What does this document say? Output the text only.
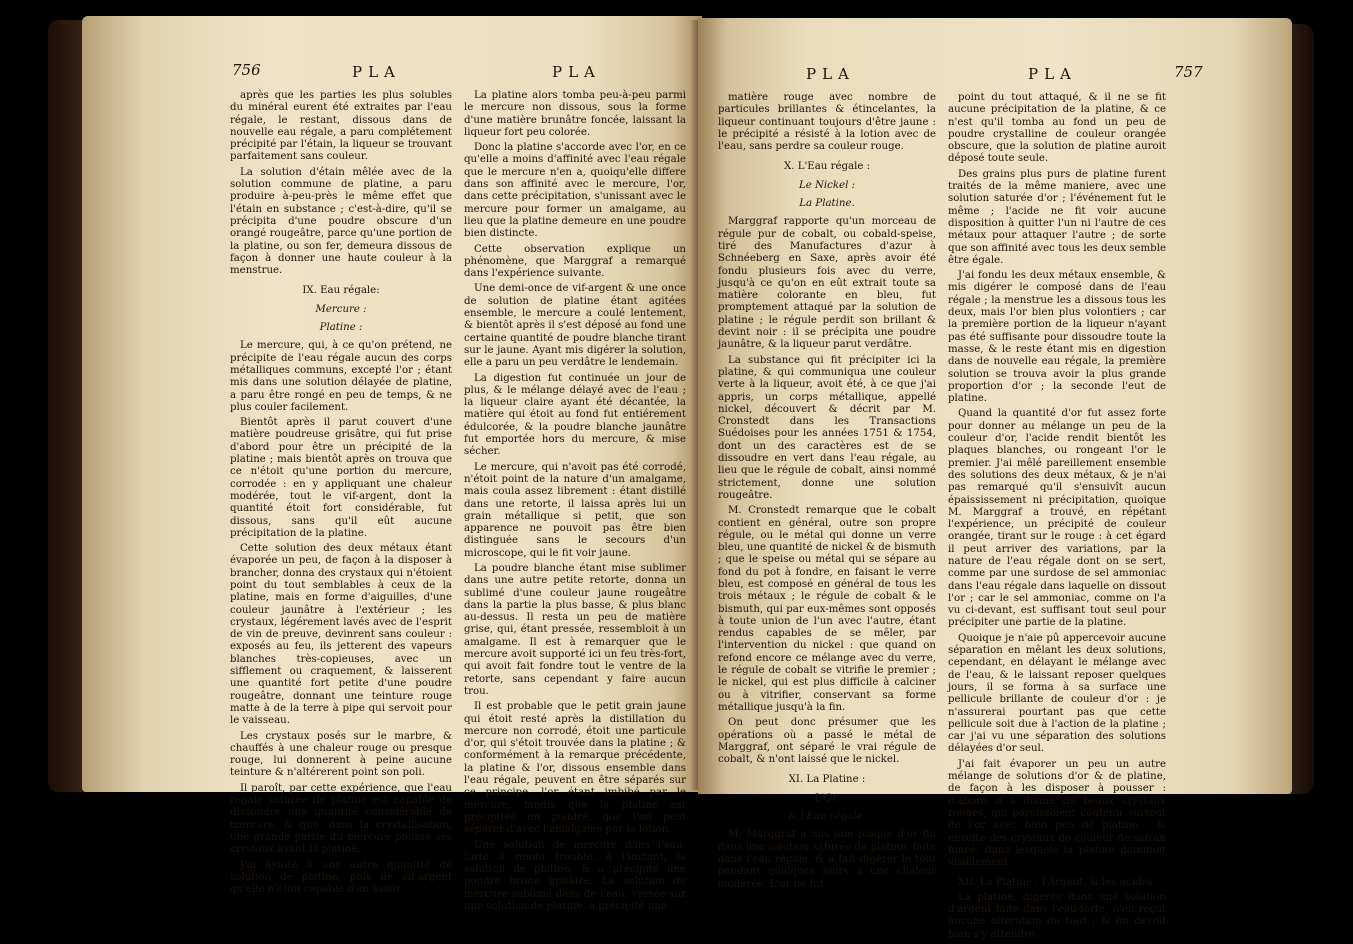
756	PLA	PLA

après que les parties les plus solubles du minéral eurent été extraites par l'eau régale, le restant, dissous dans de nouvelle eau régale, a paru complétement précipité par l'étain, la liqueur se trouvant parfaitement sans couleur.

La solution d'étain mêlée avec de la solution commune de platine, a paru produire à-peu-près le même effet que l'étain en substance ; c'est-à-dire, qu'il se précipita d'une poudre obscure d'un orangé rougeâtre, parce qu'une portion de la platine, ou son fer, demeura dissous de façon à donner une haute couleur à la menstrue.

IX. Eau régale:

Mercure :

Platine :

Le mercure, qui, à ce qu'on prétend, ne précipite de l'eau régale aucun des corps métalliques communs, excepté l'or ; étant mis dans une solution délayée de platine, a paru être rongé en peu de temps, & ne plus couler facilement.

Bientôt après il parut couvert d'une matière poudreuse grisâtre, qui fut prise d'abord pour être un précipité de la platine ; mais bientôt après on trouva que ce n'étoit qu'une portion du mercure, corrodée : en y appliquant une chaleur modérée, tout le vif-argent, dont la quantité étoit fort considérable, fut dissous, sans qu'il eût aucune précipitation de la platine.

Cette solution des deux métaux étant évaporée un peu, de façon à la disposer à brancher, donna des crystaux qui n'étoient point du tout semblables à ceux de la platine, mais en forme d'aiguilles, d'une couleur jaunâtre à l'extérieur ; les crystaux, légérement lavés avec de l'esprit de vin de preuve, devinrent sans couleur : exposés au feu, ils jetterent des vapeurs blanches très-copieuses, avec un sifflement ou craquement, & laisserent une quantité fort petite d'une poudre rougeâtre, donnant une teinture rouge matte à de la terre à pipe qui servoit pour le vaisseau.

Les crystaux posés sur le marbre, & chauffés à une chaleur rouge ou presque rouge, lui donnerent à peine aucune teinture & n'altérerent point son poli.

Il paroît, par cette expérience, que l'eau régale saturée de platine est capable de dissoudre une quantité considérable de mercure, & que, dans la crystallisation, une grande partie du mercure pousse ses crystaux avant la platine.

J'ai ajouté à une autre quantité de solution de platine, plus de vif-argent qu'elle n'étoit capable d'en saisir.

La platine alors tomba peu-à-peu parmi le mercure non dissous, sous la forme d'une matière brunâtre foncée, laissant la liqueur fort peu colorée.

Donc la platine s'accorde avec l'or, en ce qu'elle a moins d'affinité avec l'eau régale que le mercure n'en a, quoiqu'elle differe dans son affinité avec le mercure, l'or, dans cette précipitation, s'unissant avec le mercure pour former un amalgame, au lieu que la platine demeure en une poudre bien distincte.

Cette observation explique un phénomène, que Marggraf a remarqué dans l'expérience suivante.

Une demi-once de vif-argent & une once de solution de platine étant agitées ensemble, le mercure a coulé lentement, & bientôt après il s'est déposé au fond une certaine quantité de poudre blanche tirant sur le jaune. Ayant mis digérer la solution, elle a paru un peu verdâtre le lendemain.

La digestion fut continuée un jour de plus, & le mélange délayé avec de l'eau ; la liqueur claire ayant été décantée, la matière qui étoit au fond fut entiérement édulcorée, & la poudre blanche jaunâtre fut emportée hors du mercure, & mise sécher.

Le mercure, qui n'avoit pas été corrodé, n'étoit point de la nature d'un amalgame, mais coula assez librement : étant distillé dans une retorte, il laissa après lui un grain métallique si petit, que son apparence ne pouvoit pas être bien distinguée sans le secours d'un microscope, qui le fit voir jaune.

La poudre blanche étant mise sublimer dans une autre petite retorte, donna un sublimé d'une couleur jaune rougeâtre dans la partie la plus basse, & plus blanc au-dessus. Il resta un peu de matière grise, qui, étant pressée, ressembloit à un amalgame. Il est à remarquer que le mercure avoit supporté ici un feu très-fort, qui avoit fait fondre tout le ventre de la retorte, sans cependant y faire aucun trou.

Il est probable que le petit grain jaune qui étoit resté après la distillation du mercure non corrodé, étoit une particule d'or, qui s'étoit trouvée dans la platine ; & conformément à la remarque précédente, la platine & l'or, dissous ensemble dans l'eau régale, peuvent en être séparés sur ce principe, l'or étant imbibé par le mercure, tandis que la platine est précipitée en poudre, que l'on peut séparer d'avec l'amalgame par la lotion.

Une solution de mercure dans l'eau-forte a rendu trouble, à l'instant, la solution de platine, & a précipité une poudre brune grisâtre. La solution de mercure sublimé dans de l'eau, versée sur une solution de platine, a précipité une

PLA	PLA	757

matière rouge avec nombre de particules brillantes & étincelantes, la liqueur continuant toujours d'être jaune : le précipité a résisté à la lotion avec de l'eau, sans perdre sa couleur rouge.

X. L'Eau régale :

Le Nickel :

La Platine.

Marggraf rapporte qu'un morceau de régule pur de cobalt, ou cobald-speise, tiré des Manufactures d'azur à Schnéeberg en Saxe, après avoir été fondu plusieurs fois avec du verre, jusqu'à ce qu'on en eût extrait toute sa matière colorante en bleu, fut promptement attaqué par la solution de platine ; le régule perdit son brillant & devint noir : il se précipita une poudre jaunâtre, & la liqueur parut verdâtre.

La substance qui fit précipiter ici la platine, & qui communiqua une couleur verte à la liqueur, avoit été, à ce que j'ai appris, un corps métallique, appellé nickel, découvert & décrit par M. Cronstedt dans les Transactions Suédoises pour les années 1751 & 1754, dont un des caractères est de se dissoudre en vert dans l'eau régale, au lieu que le régule de cobalt, ainsi nommé strictement, donne une solution rougeâtre.

M. Cronstedt remarque que le cobalt contient en général, outre son propre régule, ou le métal qui donne un verre bleu, une quantité de nickel & de bismuth ; que le speise ou métal qui se sépare au fond du pot à fondre, en faisant le verre bleu, est composé en général de tous les trois métaux ; le régule de cobalt & le bismuth, qui par eux-mêmes sont opposés à toute union de l'un avec l'autre, étant rendus capables de se mêler, par l'intervention du nickel : que quand on refond encore ce mélange avec du verre, le régule de cobalt se vitrifie le premier ; le nickel, qui est plus difficile à calciner ou à vitrifier, conservant sa forme métallique jusqu'à la fin.

On peut donc présumer que les opérations où a passé le métal de Marggraf, ont séparé le vrai régule de cobalt, & n'ont laissé que le nickel.

XI. La Platine :

L'Or,

& l'Eau régale.

M. Marggraf a mis une plaque d'or fin dans une solution saturée de platine, faite dans l'eau régale, & a fait digérer le tout pendant quelques jours à une chaleur modérée. L'or ne fut

point du tout attaqué, & il ne se fit aucune précipitation de la platine, & ce n'est qu'il tomba au fond un peu de poudre crystalline de couleur orangée obscure, que la solution de platine auroit déposé toute seule.

Des grains plus purs de platine furent traités de la même maniere, avec une solution saturée d'or ; l'événement fut le même ; l'acide ne fit voir aucune disposition à quitter l'un ni l'autre de ces métaux pour attaquer l'autre ; de sorte que son affinité avec tous les deux semble être égale.

J'ai fondu les deux métaux ensemble, & mis digérer le composé dans de l'eau régale ; la menstrue les a dissous tous les deux, mais l'or bien plus volontiers ; car la première portion de la liqueur n'ayant pas été suffisante pour dissoudre toute la masse, & le reste étant mis en digestion dans de nouvelle eau régale, la première solution se trouva avoir la plus grande proportion d'or ; la seconde l'eut de platine.

Quand la quantité d'or fut assez forte pour donner au mélange un peu de la couleur d'or, l'acide rendit bientôt les plaques blanches, ou rongeant l'or le premier. J'ai mêlé pareillement ensemble des solutions des deux métaux, & je n'ai pas remarqué qu'il s'ensuivît aucun épaississement ni précipitation, quoique M. Marggraf a trouvé, en répétant l'expérience, un précipité de couleur orangée, tirant sur le rouge : à cet égard il peut arriver des variations, par la nature de l'eau régale dont on se sert, comme par une surdose de sel ammoniac dans l'eau régale dans laquelle on dissout l'or ; car le sel ammoniac, comme on l'a vu ci-devant, est suffisant tout seul pour précipiter une partie de la platine.

Quoique je n'aie pû appercevoir aucune séparation en mêlant les deux solutions, cependant, en délayant le mélange avec de l'eau, & le laissant reposer quelques jours, il se forma à sa surface une pellicule brillante de couleur d'or : je n'assurerai pourtant pas que cette pellicule soit due à l'action de la platine ; car j'ai vu une séparation des solutions délayées d'or seul.

J'ai fait évaporer un peu un autre mélange de solutions d'or & de platine, de façon à les disposer à pousser : d'abord il a donné de beaux crystaux rouges, qui paroissoient contenir surtout de l'or avec bien peu de platine ; & ensuite des crystaux de couleur de safran foncé, dans lesquels la platine dominoit visiblement.

XII. La Platine : l'Argent, & les acides.

La platine, digérée dans une solution d'argent faite dans l'eau-forte, n'en reçut aucune altération du tout ; & on devoit bien s'y attendre,
